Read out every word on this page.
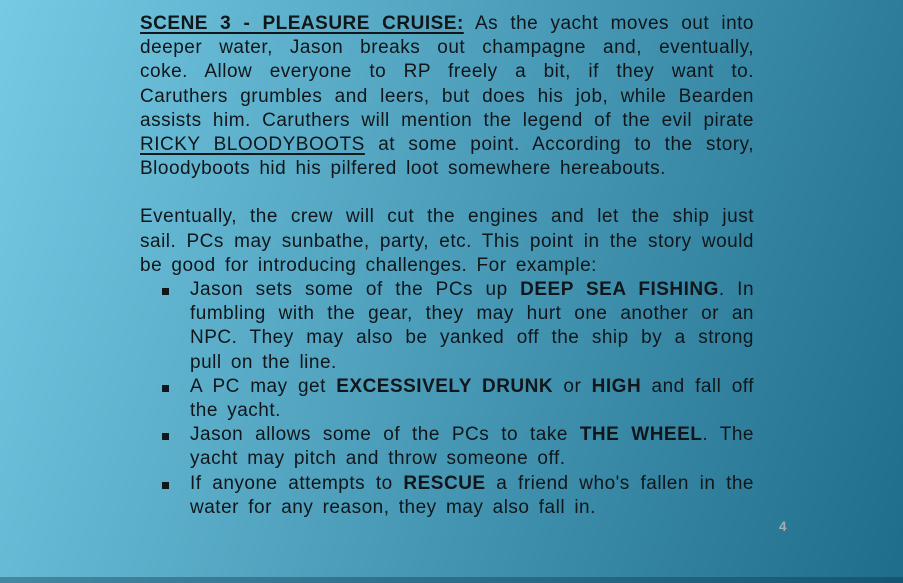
SCENE 3 - PLEASURE CRUISE: As the yacht moves out into deeper water, Jason breaks out champagne and, eventually, coke. Allow everyone to RP freely a bit, if they want to. Caruthers grumbles and leers, but does his job, while Bearden assists him. Caruthers will mention the legend of the evil pirate RICKY BLOODYBOOTS at some point. According to the story, Bloodyboots hid his pilfered loot somewhere hereabouts.

Eventually, the crew will cut the engines and let the ship just sail. PCs may sunbathe, party, etc. This point in the story would be good for introducing challenges. For example:

Jason sets some of the PCs up DEEP SEA FISHING. In fumbling with the gear, they may hurt one another or an NPC. They may also be yanked off the ship by a strong pull on the line.
A PC may get EXCESSIVELY DRUNK or HIGH and fall off the yacht.
Jason allows some of the PCs to take THE WHEEL. The yacht may pitch and throw someone off.
If anyone attempts to RESCUE a friend who's fallen in the water for any reason, they may also fall in.
4
